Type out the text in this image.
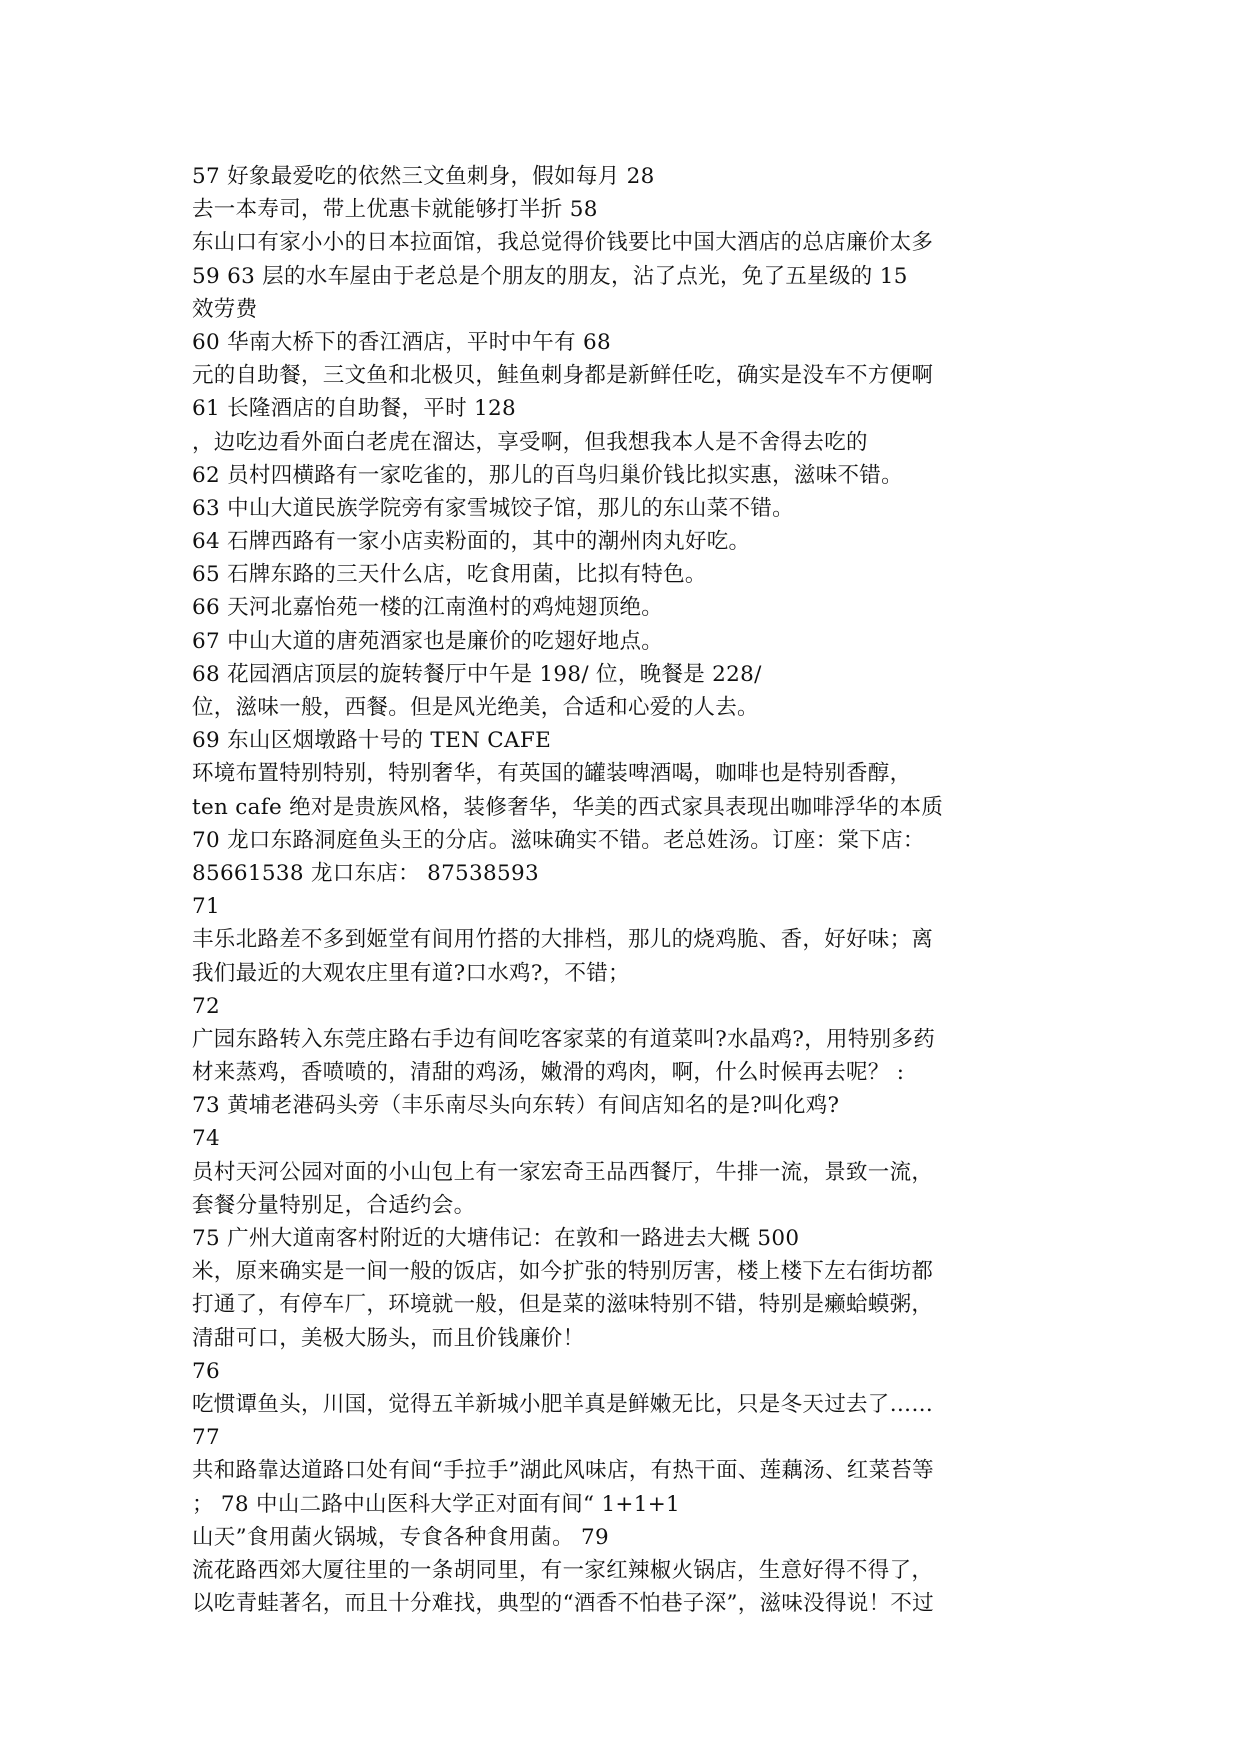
57 好象最爱吃的依然三文鱼刺身，假如每月 28
去一本寿司，带上优惠卡就能够打半折 58
东山口有家小小的日本拉面馆，我总觉得价钱要比中国大酒店的总店廉价太多
59 63 层的水车屋由于老总是个朋友的朋友，沾了点光，免了五星级的 15
效劳费
60 华南大桥下的香江酒店，平时中午有 68
元的自助餐，三文鱼和北极贝，鲑鱼刺身都是新鲜任吃，确实是没车不方便啊
61 长隆酒店的自助餐，平时 128
，边吃边看外面白老虎在溜达，享受啊，但我想我本人是不舍得去吃的
62 员村四横路有一家吃雀的，那儿的百鸟归巢价钱比拟实惠，滋味不错。
63 中山大道民族学院旁有家雪城饺子馆，那儿的东山菜不错。
64 石牌西路有一家小店卖粉面的，其中的潮州肉丸好吃。
65 石牌东路的三天什么店，吃食用菌，比拟有特色。
66 天河北嘉怡苑一楼的江南渔村的鸡炖翅顶绝。
67 中山大道的唐苑酒家也是廉价的吃翅好地点。
68 花园酒店顶层的旋转餐厅中午是 198/ 位，晚餐是 228/
位，滋味一般，西餐。但是风光绝美，合适和心爱的人去。
69 东山区烟墩路十号的 TEN CAFE
环境布置特别特别，特别奢华，有英国的罐装啤酒喝，咖啡也是特别香醇，
ten cafe 绝对是贵族风格，装修奢华，华美的西式家具表现出咖啡浮华的本质
70 龙口东路洞庭鱼头王的分店。滋味确实不错。老总姓汤。订座：棠下店：
85661538 龙口东店： 87538593
71
丰乐北路差不多到姬堂有间用竹搭的大排档，那儿的烧鸡脆、香，好好味；离
我们最近的大观农庄里有道?口水鸡?，不错；
72
广园东路转入东莞庄路右手边有间吃客家菜的有道菜叫?水晶鸡?，用特别多药
材来蒸鸡，香喷喷的，清甜的鸡汤，嫩滑的鸡肉，啊，什么时候再去呢？ :
73 黄埔老港码头旁（丰乐南尽头向东转）有间店知名的是?叫化鸡?
74
员村天河公园对面的小山包上有一家宏奇王品西餐厅，牛排一流，景致一流，
套餐分量特别足，合适约会。
75 广州大道南客村附近的大塘伟记：在敦和一路进去大概 500
米，原来确实是一间一般的饭店，如今扩张的特别厉害，楼上楼下左右街坊都
打通了，有停车厂，环境就一般，但是菜的滋味特别不错，特别是癞蛤蟆粥，
清甜可口，美极大肠头，而且价钱廉价！
76
吃惯谭鱼头，川国，觉得五羊新城小肥羊真是鲜嫩无比，只是冬天过去了……
77
共和路靠达道路口处有间“手拉手”湖此风味店，有热干面、莲藕汤、红菜苔等
； 78 中山二路中山医科大学正对面有间“ 1+1+1
山天”食用菌火锅城，专食各种食用菌。 79
流花路西郊大厦往里的一条胡同里，有一家红辣椒火锅店，生意好得不得了，
以吃青蛙著名，而且十分难找，典型的“酒香不怕巷子深”，滋味没得说！不过
